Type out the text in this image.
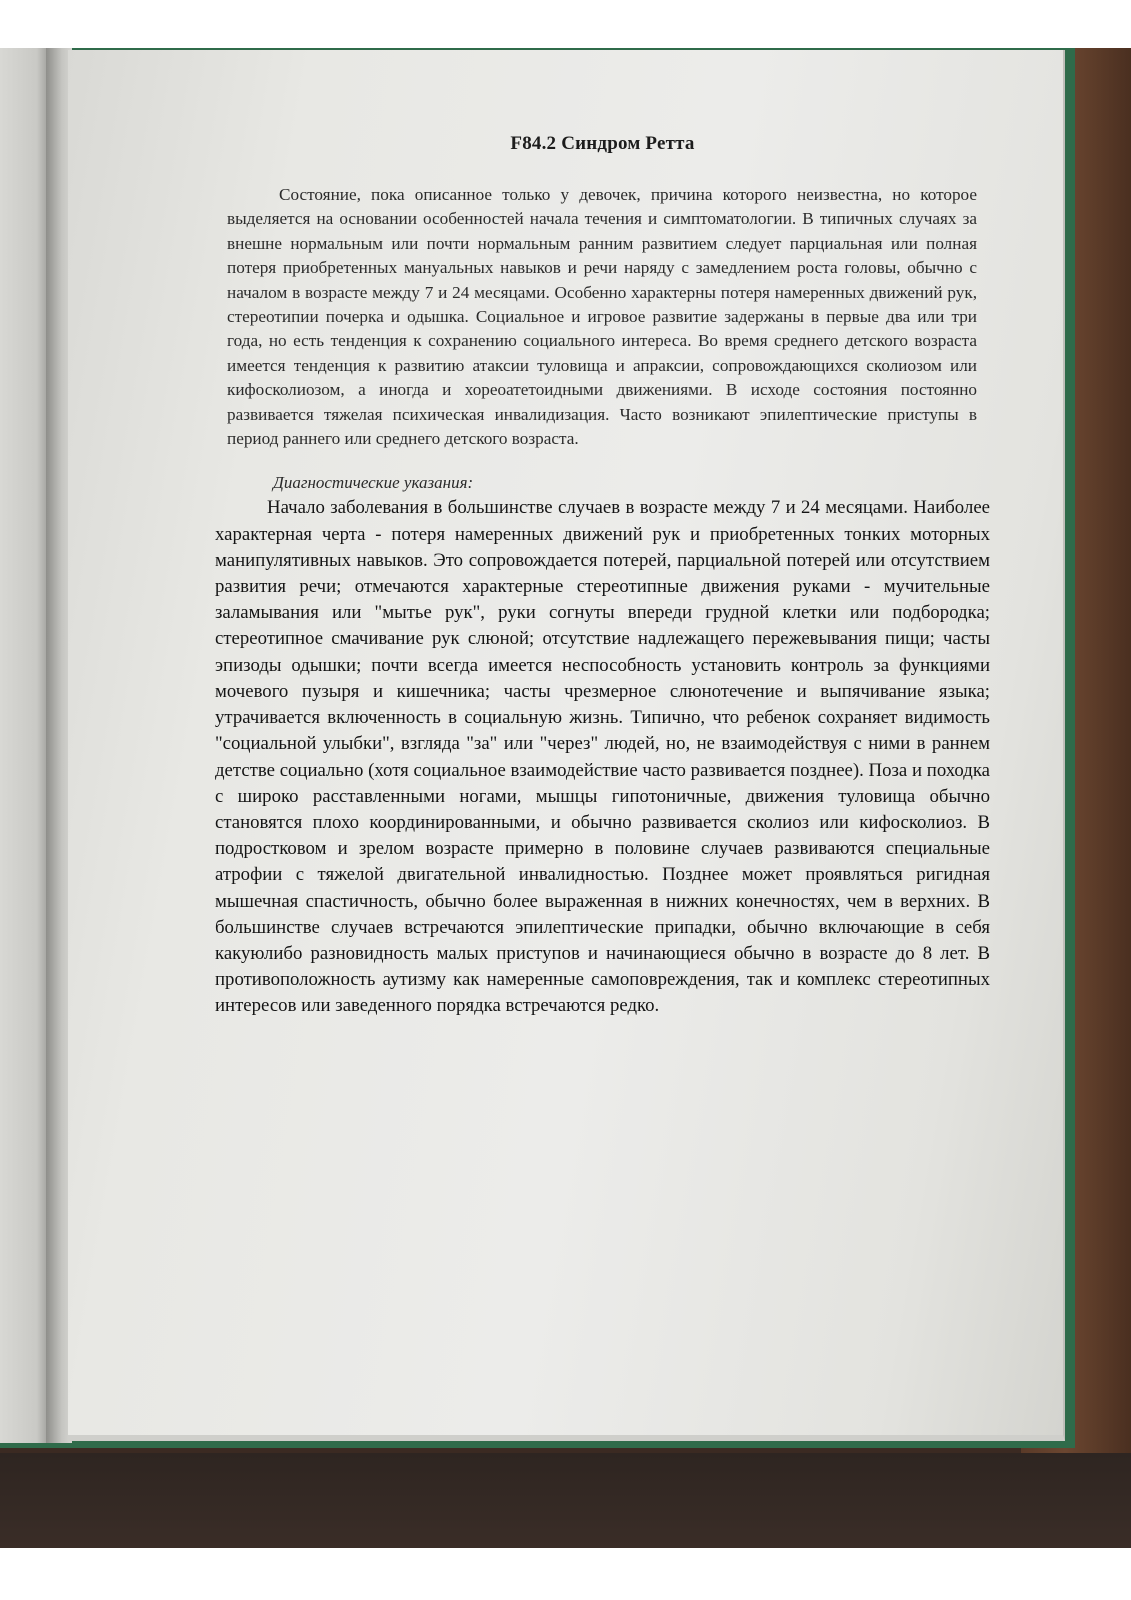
F84.2 Синдром Ретта

Состояние, пока описанное только у девочек, причина которого неизвестна, но которое выделяется на основании особенностей начала течения и симптоматологии. В типичных случаях за внешне нормальным или почти нормальным ранним развитием следует парциальная или полная потеря приобретенных мануальных навыков и речи наряду с замедлением роста головы, обычно с началом в возрасте между 7 и 24 месяцами. Особенно характерны потеря намеренных движений рук, стереотипии почерка и одышка. Социальное и игровое развитие задержаны в первые два или три года, но есть тенденция к сохранению социального интереса. Во время среднего детского возраста имеется тенденция к развитию атаксии туловища и апраксии, сопровождающихся сколиозом или кифосколиозом, а иногда и хореоатетоидными движениями. В исходе состояния постоянно развивается тяжелая психическая инвалидизация. Часто возникают эпилептические приступы в период раннего или среднего детского возраста.

Диагностические указания:

Начало заболевания в большинстве случаев в возрасте между 7 и 24 месяцами. Наиболее характерная черта - потеря намеренных движений рук и приобретенных тонких моторных манипулятивных навыков. Это сопровождается потерей, парциальной потерей или отсутствием развития речи; отмечаются характерные стереотипные движения руками - мучительные заламывания или "мытье рук", руки согнуты впереди грудной клетки или подбородка; стереотипное смачивание рук слюной; отсутствие надлежащего пережевывания пищи; часты эпизоды одышки; почти всегда имеется неспособность установить контроль за функциями мочевого пузыря и кишечника; часты чрезмерное слюнотечение и выпячивание языка; утрачивается включенность в социальную жизнь. Типично, что ребенок сохраняет видимость "социальной улыбки", взгляда "за" или "через" людей, но, не взаимодействуя с ними в раннем детстве социально (хотя социальное взаимодействие часто развивается позднее). Поза и походка с широко расставленными ногами, мышцы гипотоничные, движения туловища обычно становятся плохо координированными, и обычно развивается сколиоз или кифосколиоз. В подростковом и зрелом возрасте примерно в половине случаев развиваются специальные атрофии с тяжелой двигательной инвалидностью. Позднее может проявляться ригидная мышечная спастичность, обычно более выраженная в нижних конечностях, чем в верхних. В большинстве случаев встречаются эпилептические припадки, обычно включающие в себя какуюлибо разновидность малых приступов и начинающиеся обычно в возрасте до 8 лет. В противоположность аутизму как намеренные самоповреждения, так и комплекс стереотипных интересов или заведенного порядка встречаются редко.
